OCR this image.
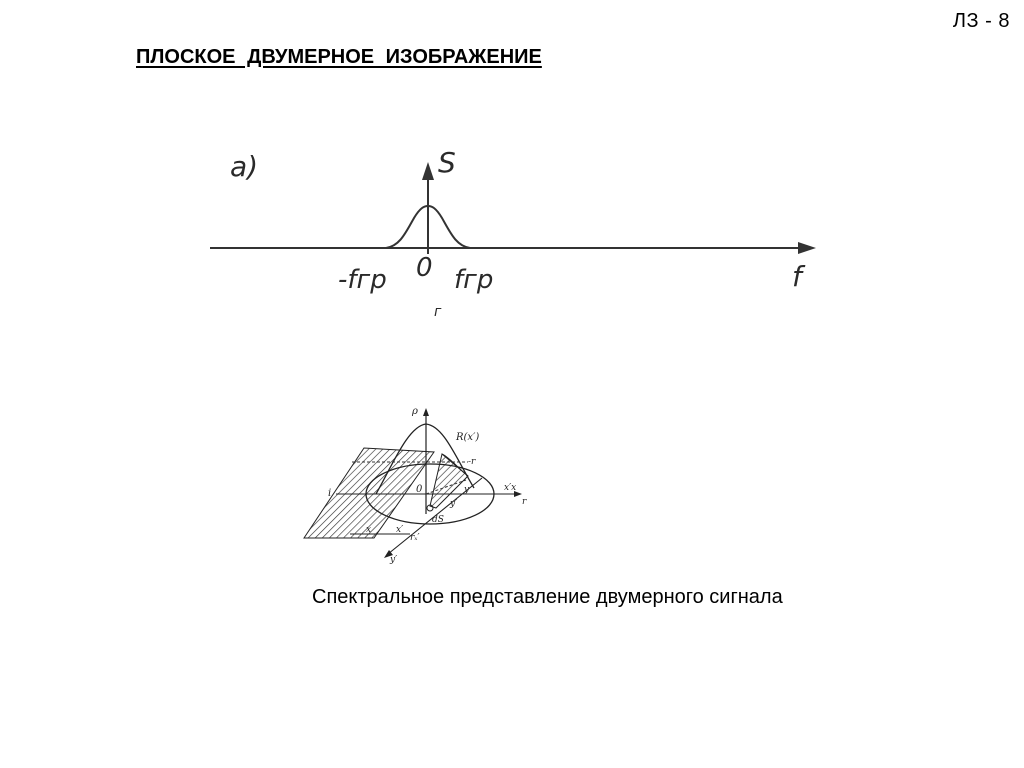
ЛЗ - 8
ПЛОСКОЕ ДВУМЕРНОЕ ИЗОБРАЖЕНИЕ
а)	S
-fгр 0 fгр	f
г
ρ
R(x′)
-r
i	0	x′x
r
y
y′
dS
x	x′
rₓ′
y′
Спектральное представление двумерного сигнала
